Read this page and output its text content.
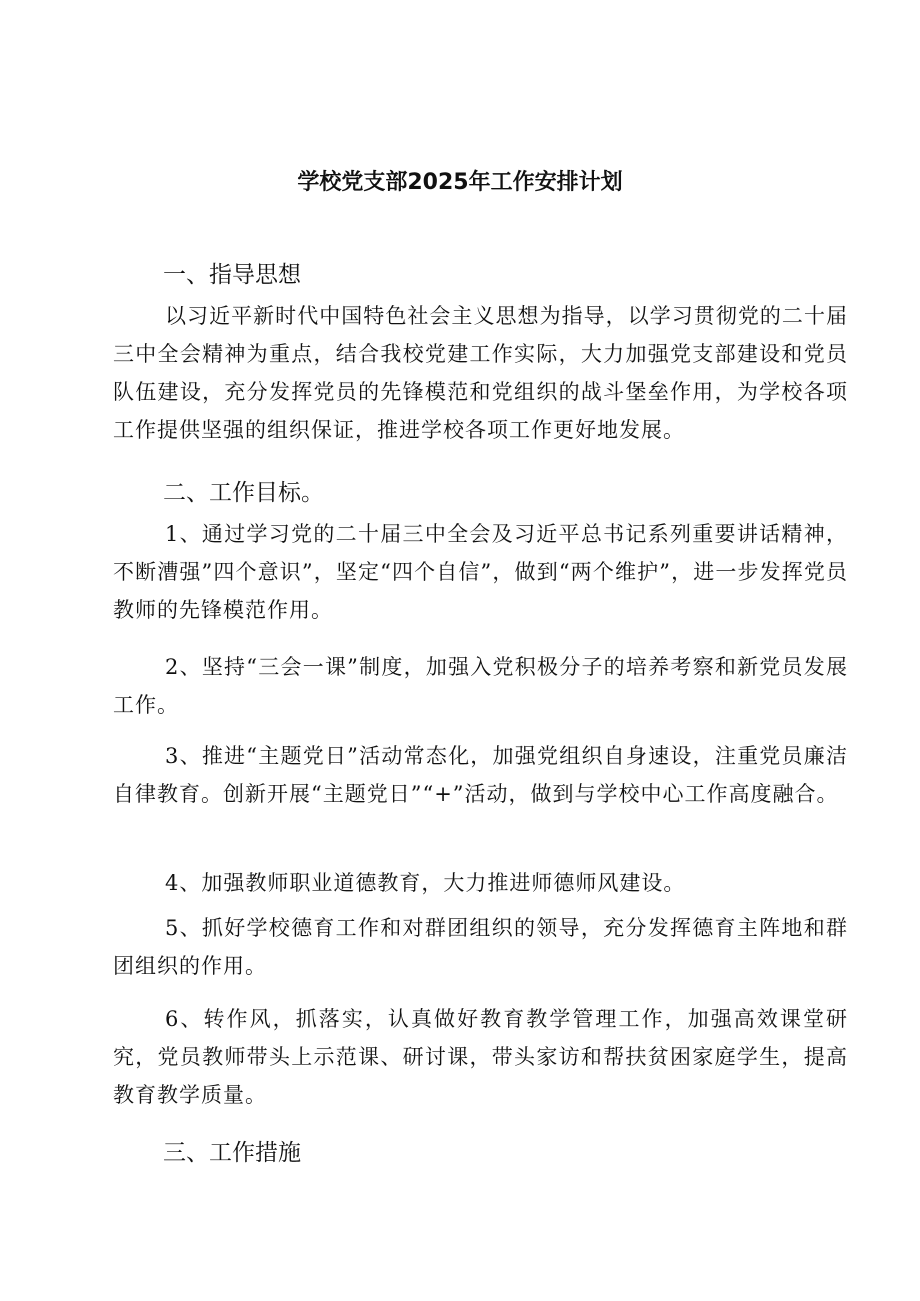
学校党支部2025年工作安排计划
一、指导思想

以习近平新时代中国特色社会主义思想为指导，以学习贯彻党的二十届三中全会精神为重点，结合我校党建工作实际，大力加强党支部建设和党员队伍建设，充分发挥党员的先锋模范和党组织的战斗堡垒作用，为学校各项工作提供坚强的组织保证，推进学校各项工作更好地发展。

二、工作目标。

1、通过学习党的二十届三中全会及习近平总书记系列重要讲话精神，不断漕强”四个意识”，坚定“四个自信”，做到“两个维护”，进一步发挥党员教师的先锋模范作用。

2、坚持“三会一课”制度，加强入党积极分子的培养考察和新党员发展工作。

3、推进“主题党日”活动常态化，加强党组织自身速设，注重党员廉洁自律教育。创新开展“主题党日”“+”活动，做到与学校中心工作高度融合。

4、加强教师职业道德教育，大力推进师德师风建设。

5、抓好学校德育工作和对群团组织的领导，充分发挥德育主阵地和群团组织的作用。

6、转作风，抓落实，认真做好教育教学管理工作，加强高效课堂研究，党员教师带头上示范课、研讨课，带头家访和帮扶贫困家庭学生，提高教育教学质量。

三、工作措施
